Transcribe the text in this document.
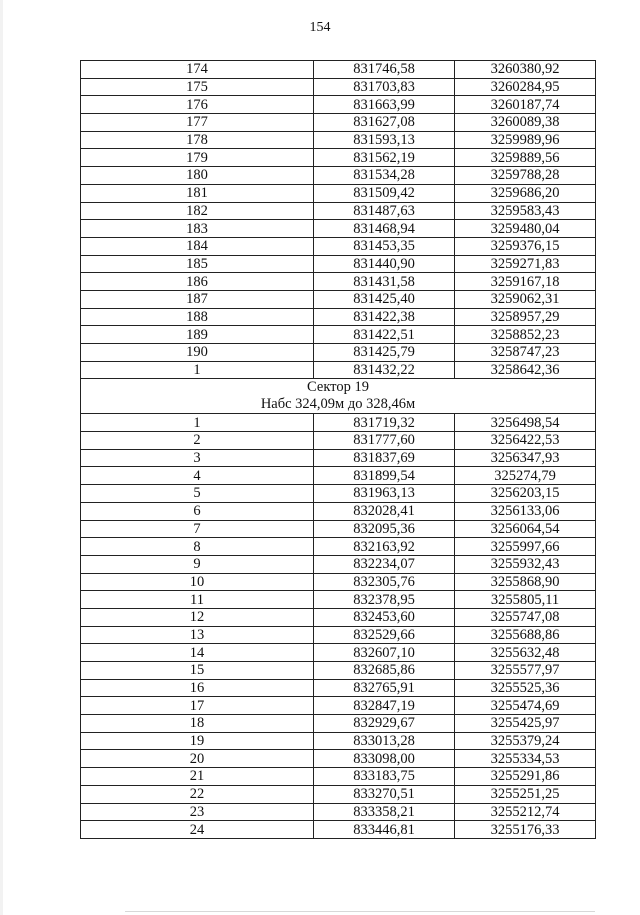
154
174	831746,58	3260380,92
175	831703,83	3260284,95
176	831663,99	3260187,74
177	831627,08	3260089,38
178	831593,13	3259989,96
179	831562,19	3259889,56
180	831534,28	3259788,28
181	831509,42	3259686,20
182	831487,63	3259583,43
183	831468,94	3259480,04
184	831453,35	3259376,15
185	831440,90	3259271,83
186	831431,58	3259167,18
187	831425,40	3259062,31
188	831422,38	3258957,29
189	831422,51	3258852,23
190	831425,79	3258747,23
1	831432,22	3258642,36

Сектор 19
Набс 324,09м до 328,46м		

1	831719,32	3256498,54
2	831777,60	3256422,53
3	831837,69	3256347,93
4	831899,54	325274,79
5	831963,13	3256203,15
6	832028,41	3256133,06
7	832095,36	3256064,54
8	832163,92	3255997,66
9	832234,07	3255932,43
10	832305,76	3255868,90
11	832378,95	3255805,11
12	832453,60	3255747,08
13	832529,66	3255688,86
14	832607,10	3255632,48
15	832685,86	3255577,97
16	832765,91	3255525,36
17	832847,19	3255474,69
18	832929,67	3255425,97
19	833013,28	3255379,24
20	833098,00	3255334,53
21	833183,75	3255291,86
22	833270,51	3255251,25
23	833358,21	3255212,74
24	833446,81	3255176,33
